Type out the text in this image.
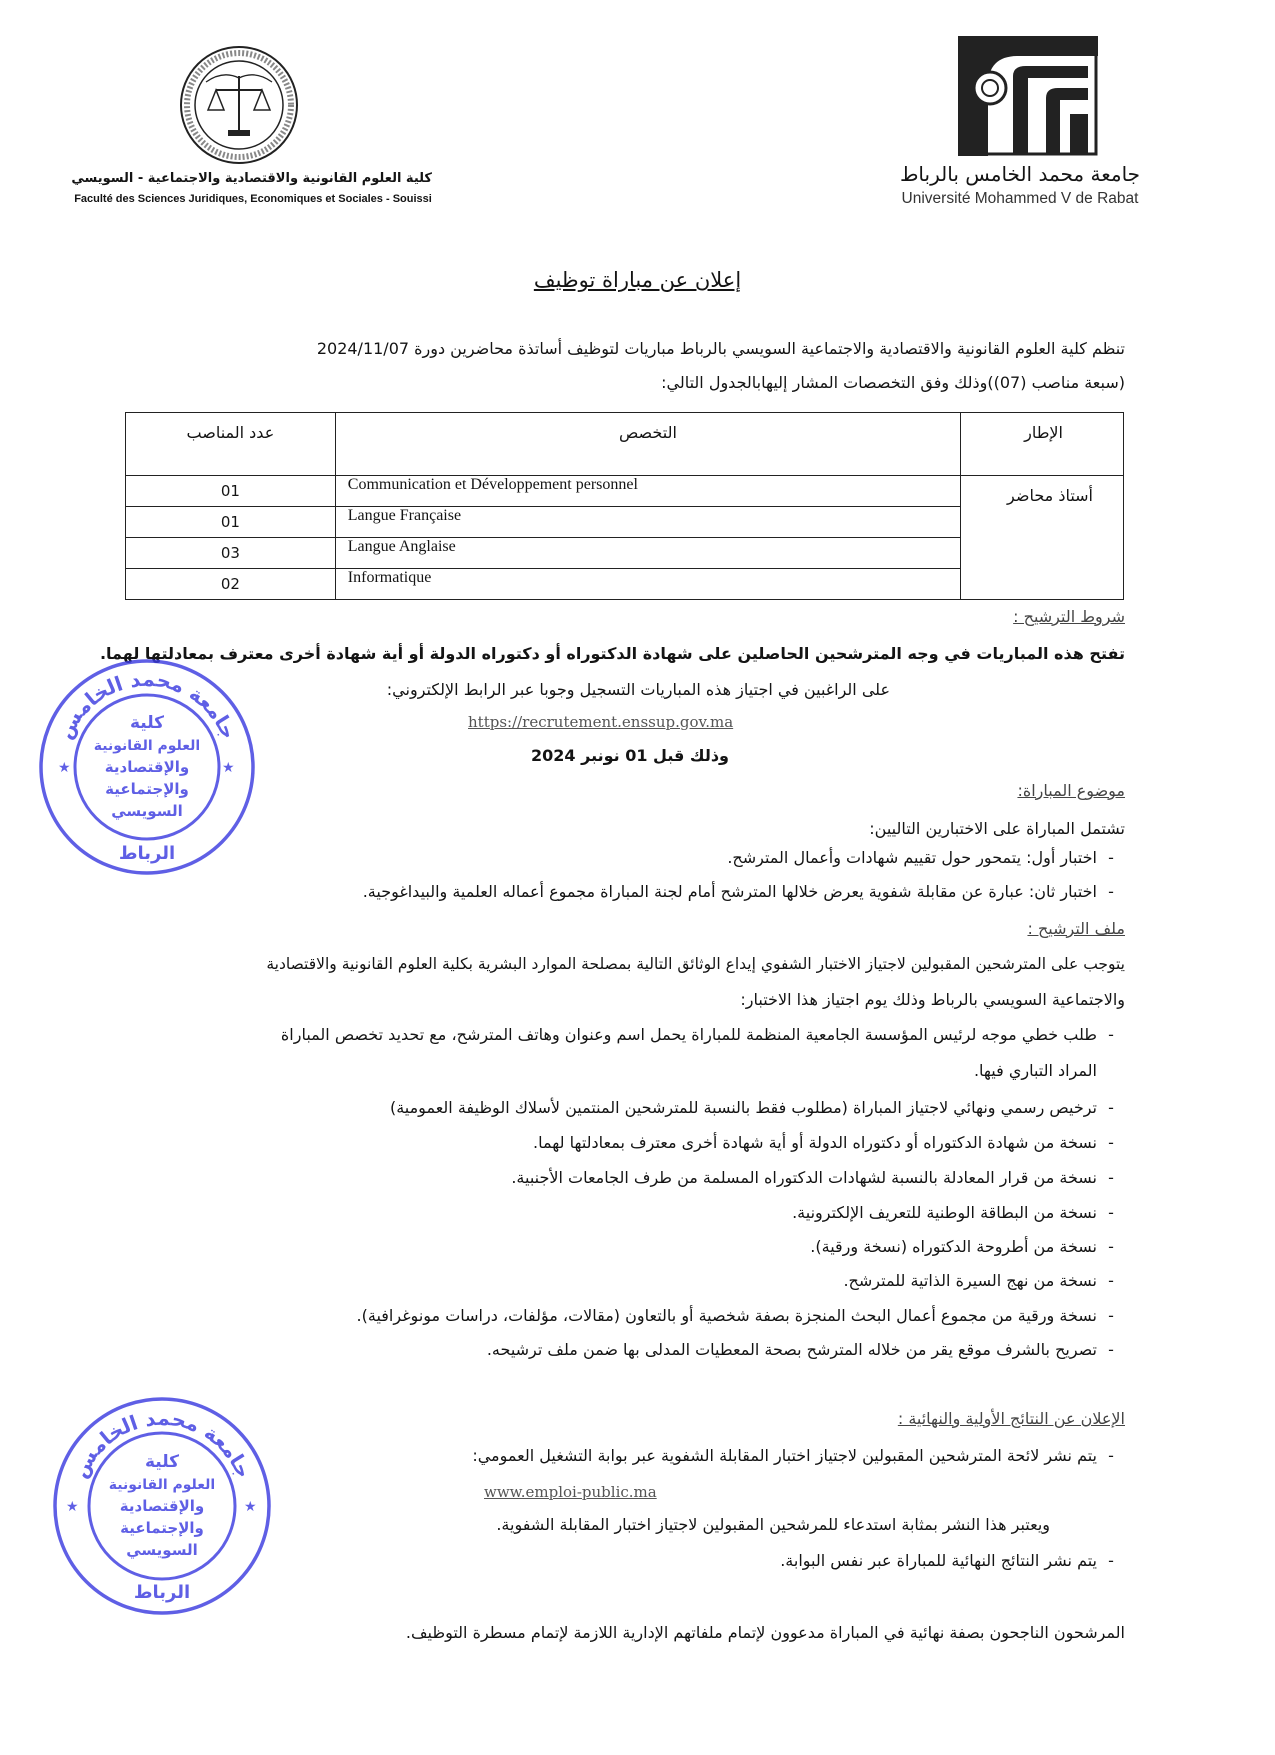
كلية العلوم القانونية والاقتصادية والاجتماعية - السويسي
Faculté des Sciences Juridiques, Economiques et Sociales - Souissi
جامعة محمد الخامس بالرباط
Université Mohammed V de Rabat
إعلان عن مباراة توظيف
تنظم كلية العلوم القانونية والاقتصادية والاجتماعية السويسي بالرباط مباريات لتوظيف أساتذة محاضرين دورة 2024/11/07
(سبعة مناصب (07))وذلك وفق التخصصات المشار إليهابالجدول التالي:
عدد المناصب	التخصص	الإطار
01	Communication et Développement personnel	أستاذ محاضر
01	Langue Française	
03	Langue Anglaise	
02	Informatique	
شروط الترشيح :
تفتح هذه المباريات في وجه المترشحين الحاصلين على شهادة الدكتوراه أو دكتوراه الدولة أو أية شهادة أخرى معترف بمعادلتها لهما.
على الراغبين في اجتياز هذه المباريات التسجيل وجوبا عبر الرابط الإلكتروني:
https://recrutement.enssup.gov.ma
وذلك قبل 01 نونبر 2024
موضوع المباراة:
تشتمل المباراة على الاختبارين التاليين:
-
اختبار أول: يتمحور حول تقييم شهادات وأعمال المترشح.
-
اختبار ثان: عبارة عن مقابلة شفوية يعرض خلالها المترشح أمام لجنة المباراة مجموع أعماله العلمية والبيداغوجية.
ملف الترشيح :
يتوجب على المترشحين المقبولين لاجتياز الاختبار الشفوي إيداع الوثائق التالية بمصلحة الموارد البشرية بكلية العلوم القانونية والاقتصادية
والاجتماعية السويسي بالرباط وذلك يوم اجتياز هذا الاختبار:
-
طلب خطي موجه لرئيس المؤسسة الجامعية المنظمة للمباراة يحمل اسم وعنوان وهاتف المترشح، مع تحديد تخصص المباراة
المراد التباري فيها.
-
ترخيص رسمي ونهائي لاجتياز المباراة (مطلوب فقط بالنسبة للمترشحين المنتمين لأسلاك الوظيفة العمومية)
-
نسخة من شهادة الدكتوراه أو دكتوراه الدولة أو أية شهادة أخرى معترف بمعادلتها لهما.
-
نسخة من قرار المعادلة بالنسبة لشهادات الدكتوراه المسلمة من طرف الجامعات الأجنبية.
-
نسخة من البطاقة الوطنية للتعريف الإلكترونية.
-
نسخة من أطروحة الدكتوراه (نسخة ورقية).
-
نسخة من نهج السيرة الذاتية للمترشح.
-
نسخة ورقية من مجموع أعمال البحث المنجزة بصفة شخصية أو بالتعاون (مقالات، مؤلفات، دراسات مونوغرافية).
-
تصريح بالشرف موقع يقر من خلاله المترشح بصحة المعطيات المدلى بها ضمن ملف ترشيحه.
الإعلان عن النتائج الأولية والنهائية :
-
يتم نشر لائحة المترشحين المقبولين لاجتياز اختبار المقابلة الشفوية عبر بوابة التشغيل العمومي:
www.emploi-public.ma
ويعتبر هذا النشر بمثابة استدعاء للمرشحين المقبولين لاجتياز اختبار المقابلة الشفوية.
-
يتم نشر النتائج النهائية للمباراة عبر نفس البوابة.
المرشحون الناجحون بصفة نهائية في المباراة مدعوون لإتمام ملفاتهم الإدارية اللازمة لإتمام مسطرة التوظيف.
جامعة محمد الخامس
كلية
العلوم القانونية
والإقتصادية
والإجتماعية
السويسي
الرباط
★	★
جامعة محمد الخامس
كلية
العلوم القانونية
والإقتصادية
والإجتماعية
السويسي
الرباط
★	★
